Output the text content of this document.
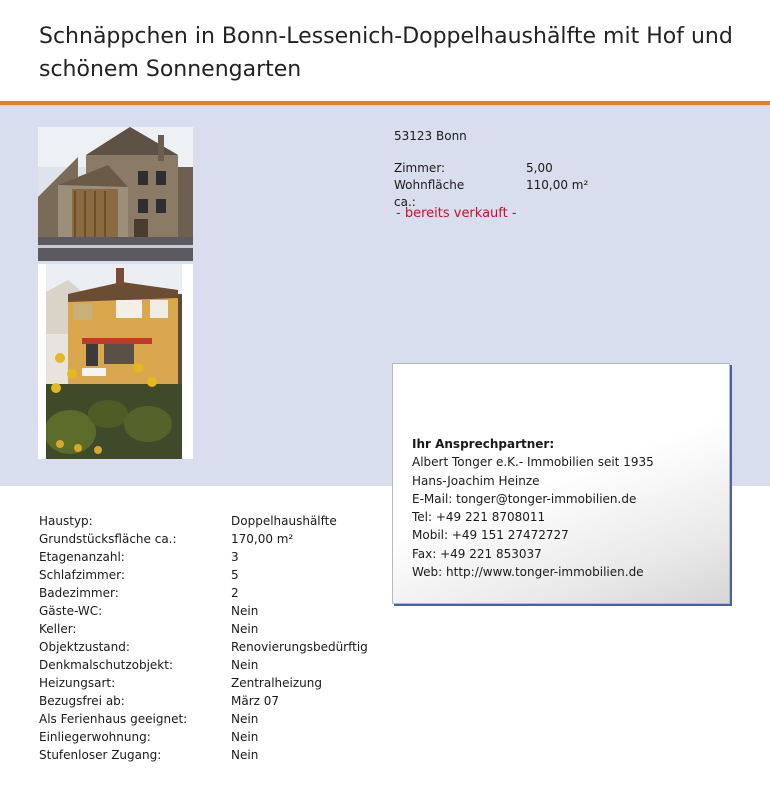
Schnäppchen in Bonn-Lessenich-Doppelhaushälfte mit Hof und schönem Sonnengarten
53123 Bonn
Zimmer:	5,00
Wohnfläche ca.:
110,00 m²
- bereits verkauft -
Ihr Ansprechpartner:
Albert Tonger e.K.- Immobilien seit 1935
Hans-Joachim Heinze
E-Mail: tonger@tonger-immobilien.de
Tel: +49 221 8708011
Mobil: +49 151 27472727
Fax: +49 221 853037
Web: http://www.tonger-immobilien.de
Haustyp:	Doppelhaushälfte
Grundstücksfläche ca.:	170,00 m²
Etagenanzahl:	3
Schlafzimmer:	5
Badezimmer:	2
Gäste-WC:	Nein
Keller:	Nein
Objektzustand:	Renovierungsbedürftig
Denkmalschutzobjekt:	Nein
Heizungsart:	Zentralheizung
Bezugsfrei ab:	März 07
Als Ferienhaus geeignet:	Nein
Einliegerwohnung:	Nein
Stufenloser Zugang:	Nein
